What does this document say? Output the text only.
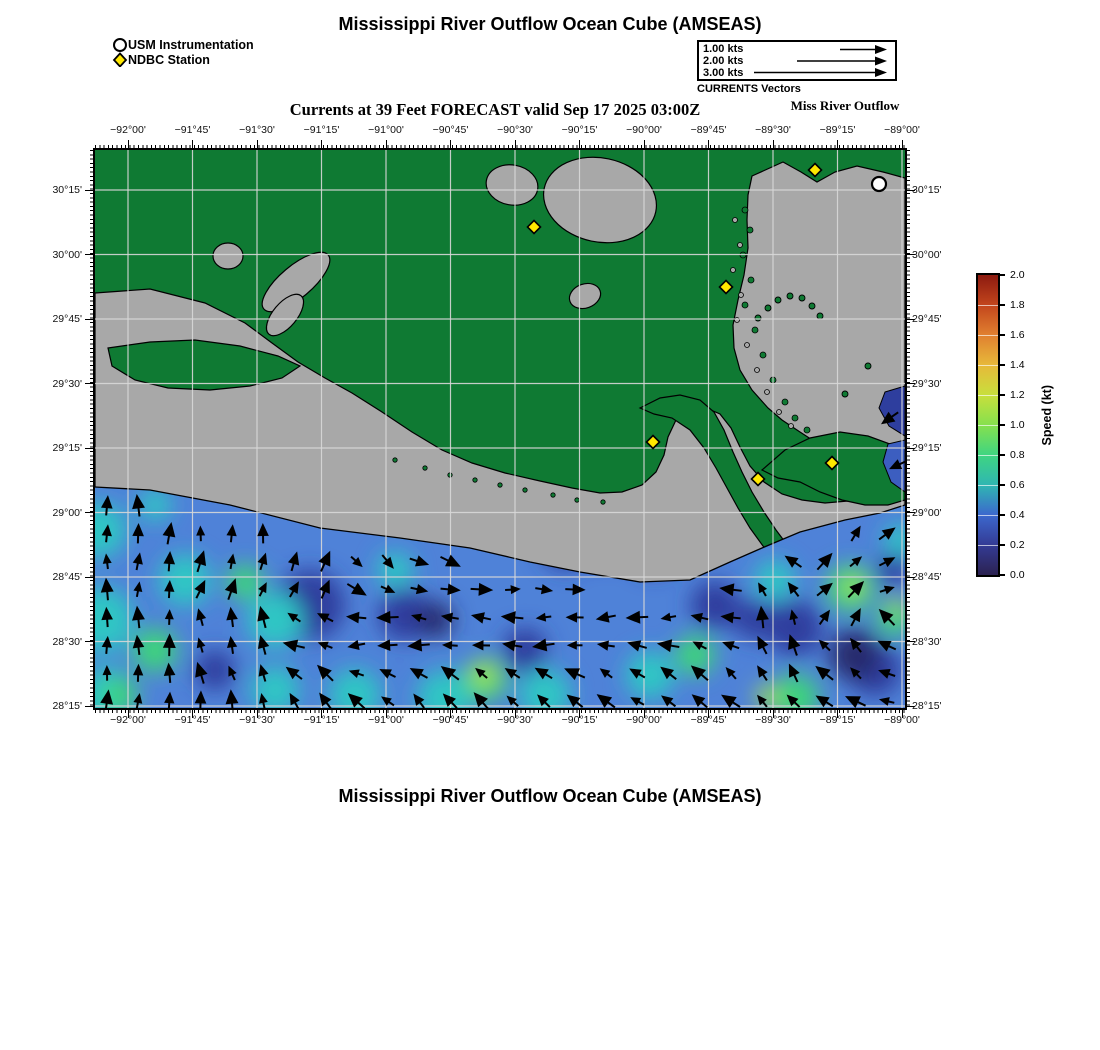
Mississippi River Outflow Ocean Cube (AMSEAS)
USM Instrumentation
NDBC Station
1.00 kts
2.00 kts
3.00 kts
CURRENTS Vectors
Miss River Outflow
Currents at 39 Feet FORECAST valid Sep 17 2025 03:00Z
−92°00'
−92°00'
−91°45'
−91°45'
−91°30'
−91°30'
−91°15'
−91°15'
−91°00'
−91°00'
−90°45'
−90°45'
−90°30'
−90°30'
−90°15'
−90°15'
−90°00'
−90°00'
−89°45'
−89°45'
−89°30'
−89°30'
−89°15'
−89°15'
−89°00'
−89°00'
30°15'	30°15'
30°00'	30°00'
29°45'	29°45'
29°30'	29°30'
29°15'	29°15'
29°00'	29°00'
28°45'	28°45'
28°30'	28°30'
28°15'	28°15'
0.0
0.2
0.4
0.6
0.8
1.0
1.2
1.4
1.6
1.8
2.0
Speed (kt)
Mississippi River Outflow Ocean Cube (AMSEAS)
